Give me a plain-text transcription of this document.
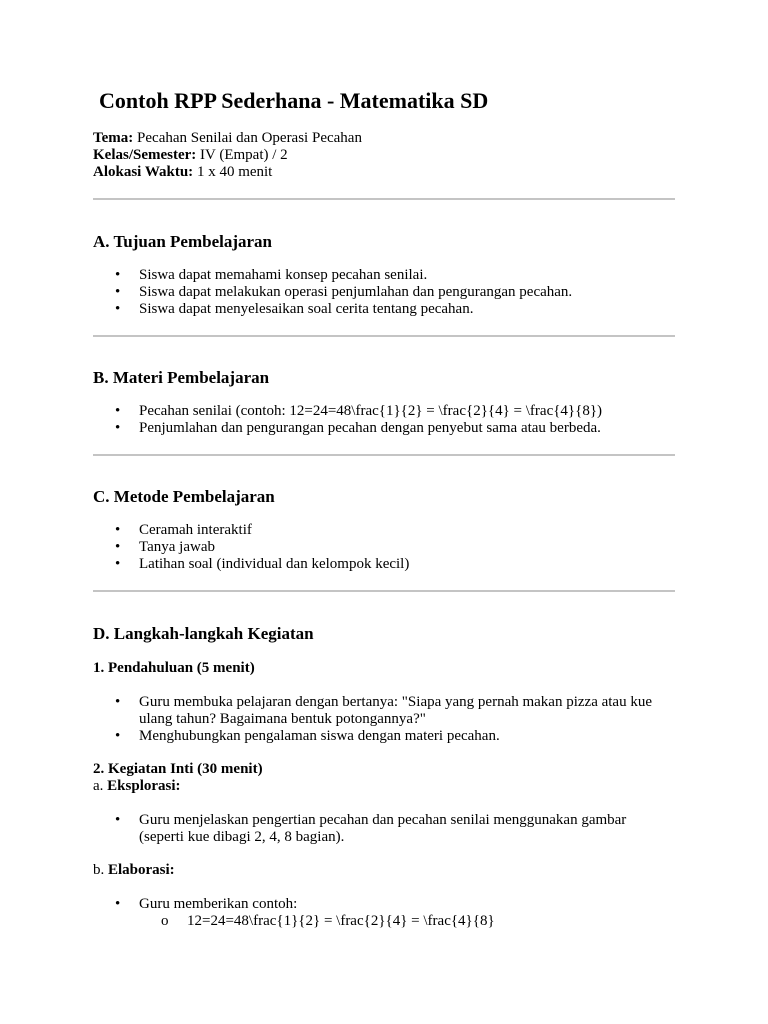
Contoh RPP Sederhana - Matematika SD
Tema: Pecahan Senilai dan Operasi Pecahan
Kelas/Semester: IV (Empat) / 2
Alokasi Waktu: 1 x 40 menit
A. Tujuan Pembelajaran
• Siswa dapat memahami konsep pecahan senilai.
• Siswa dapat melakukan operasi penjumlahan dan pengurangan pecahan.
• Siswa dapat menyelesaikan soal cerita tentang pecahan.
B. Materi Pembelajaran
• Pecahan senilai (contoh: 12=24=48\frac{1}{2} = \frac{2}{4} = \frac{4}{8})
• Penjumlahan dan pengurangan pecahan dengan penyebut sama atau berbeda.
C. Metode Pembelajaran
• Ceramah interaktif
• Tanya jawab
• Latihan soal (individual dan kelompok kecil)
D. Langkah-langkah Kegiatan
1. Pendahuluan (5 menit)
• Guru membuka pelajaran dengan bertanya: "Siapa yang pernah makan pizza atau kue ulang tahun? Bagaimana bentuk potongannya?"
• Menghubungkan pengalaman siswa dengan materi pecahan.
2. Kegiatan Inti (30 menit)
a. Eksplorasi:
• Guru menjelaskan pengertian pecahan dan pecahan senilai menggunakan gambar (seperti kue dibagi 2, 4, 8 bagian).
b. Elaborasi:
• Guru memberikan contoh:
o 12=24=48\frac{1}{2} = \frac{2}{4} = \frac{4}{8}
